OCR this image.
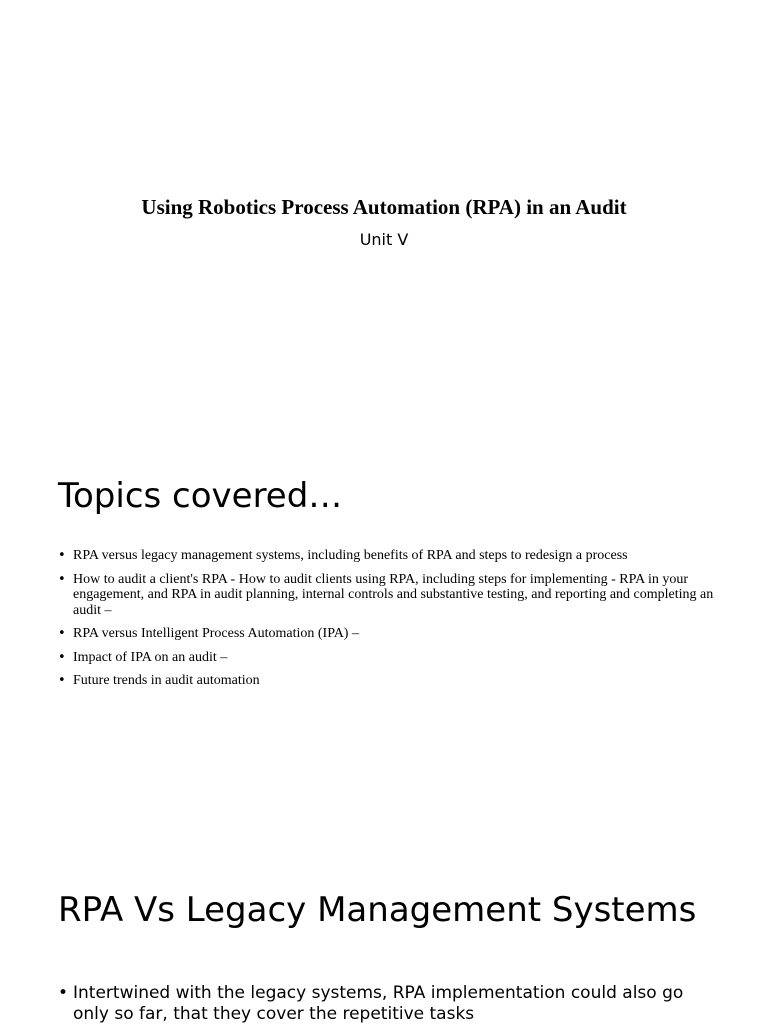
Using Robotics Process Automation (RPA) in an Audit
Unit V
Topics covered…
• RPA versus legacy management systems, including benefits of RPA and steps to redesign a process
• How to audit a client's RPA - How to audit clients using RPA, including steps for implementing - RPA in your engagement, and RPA in audit planning, internal controls and substantive testing, and reporting and completing an audit –
• RPA versus Intelligent Process Automation (IPA) –
• Impact of IPA on an audit –
• Future trends in audit automation
RPA Vs Legacy Management Systems
• Intertwined with the legacy systems, RPA implementation could also go only so far, that they cover the repetitive tasks
